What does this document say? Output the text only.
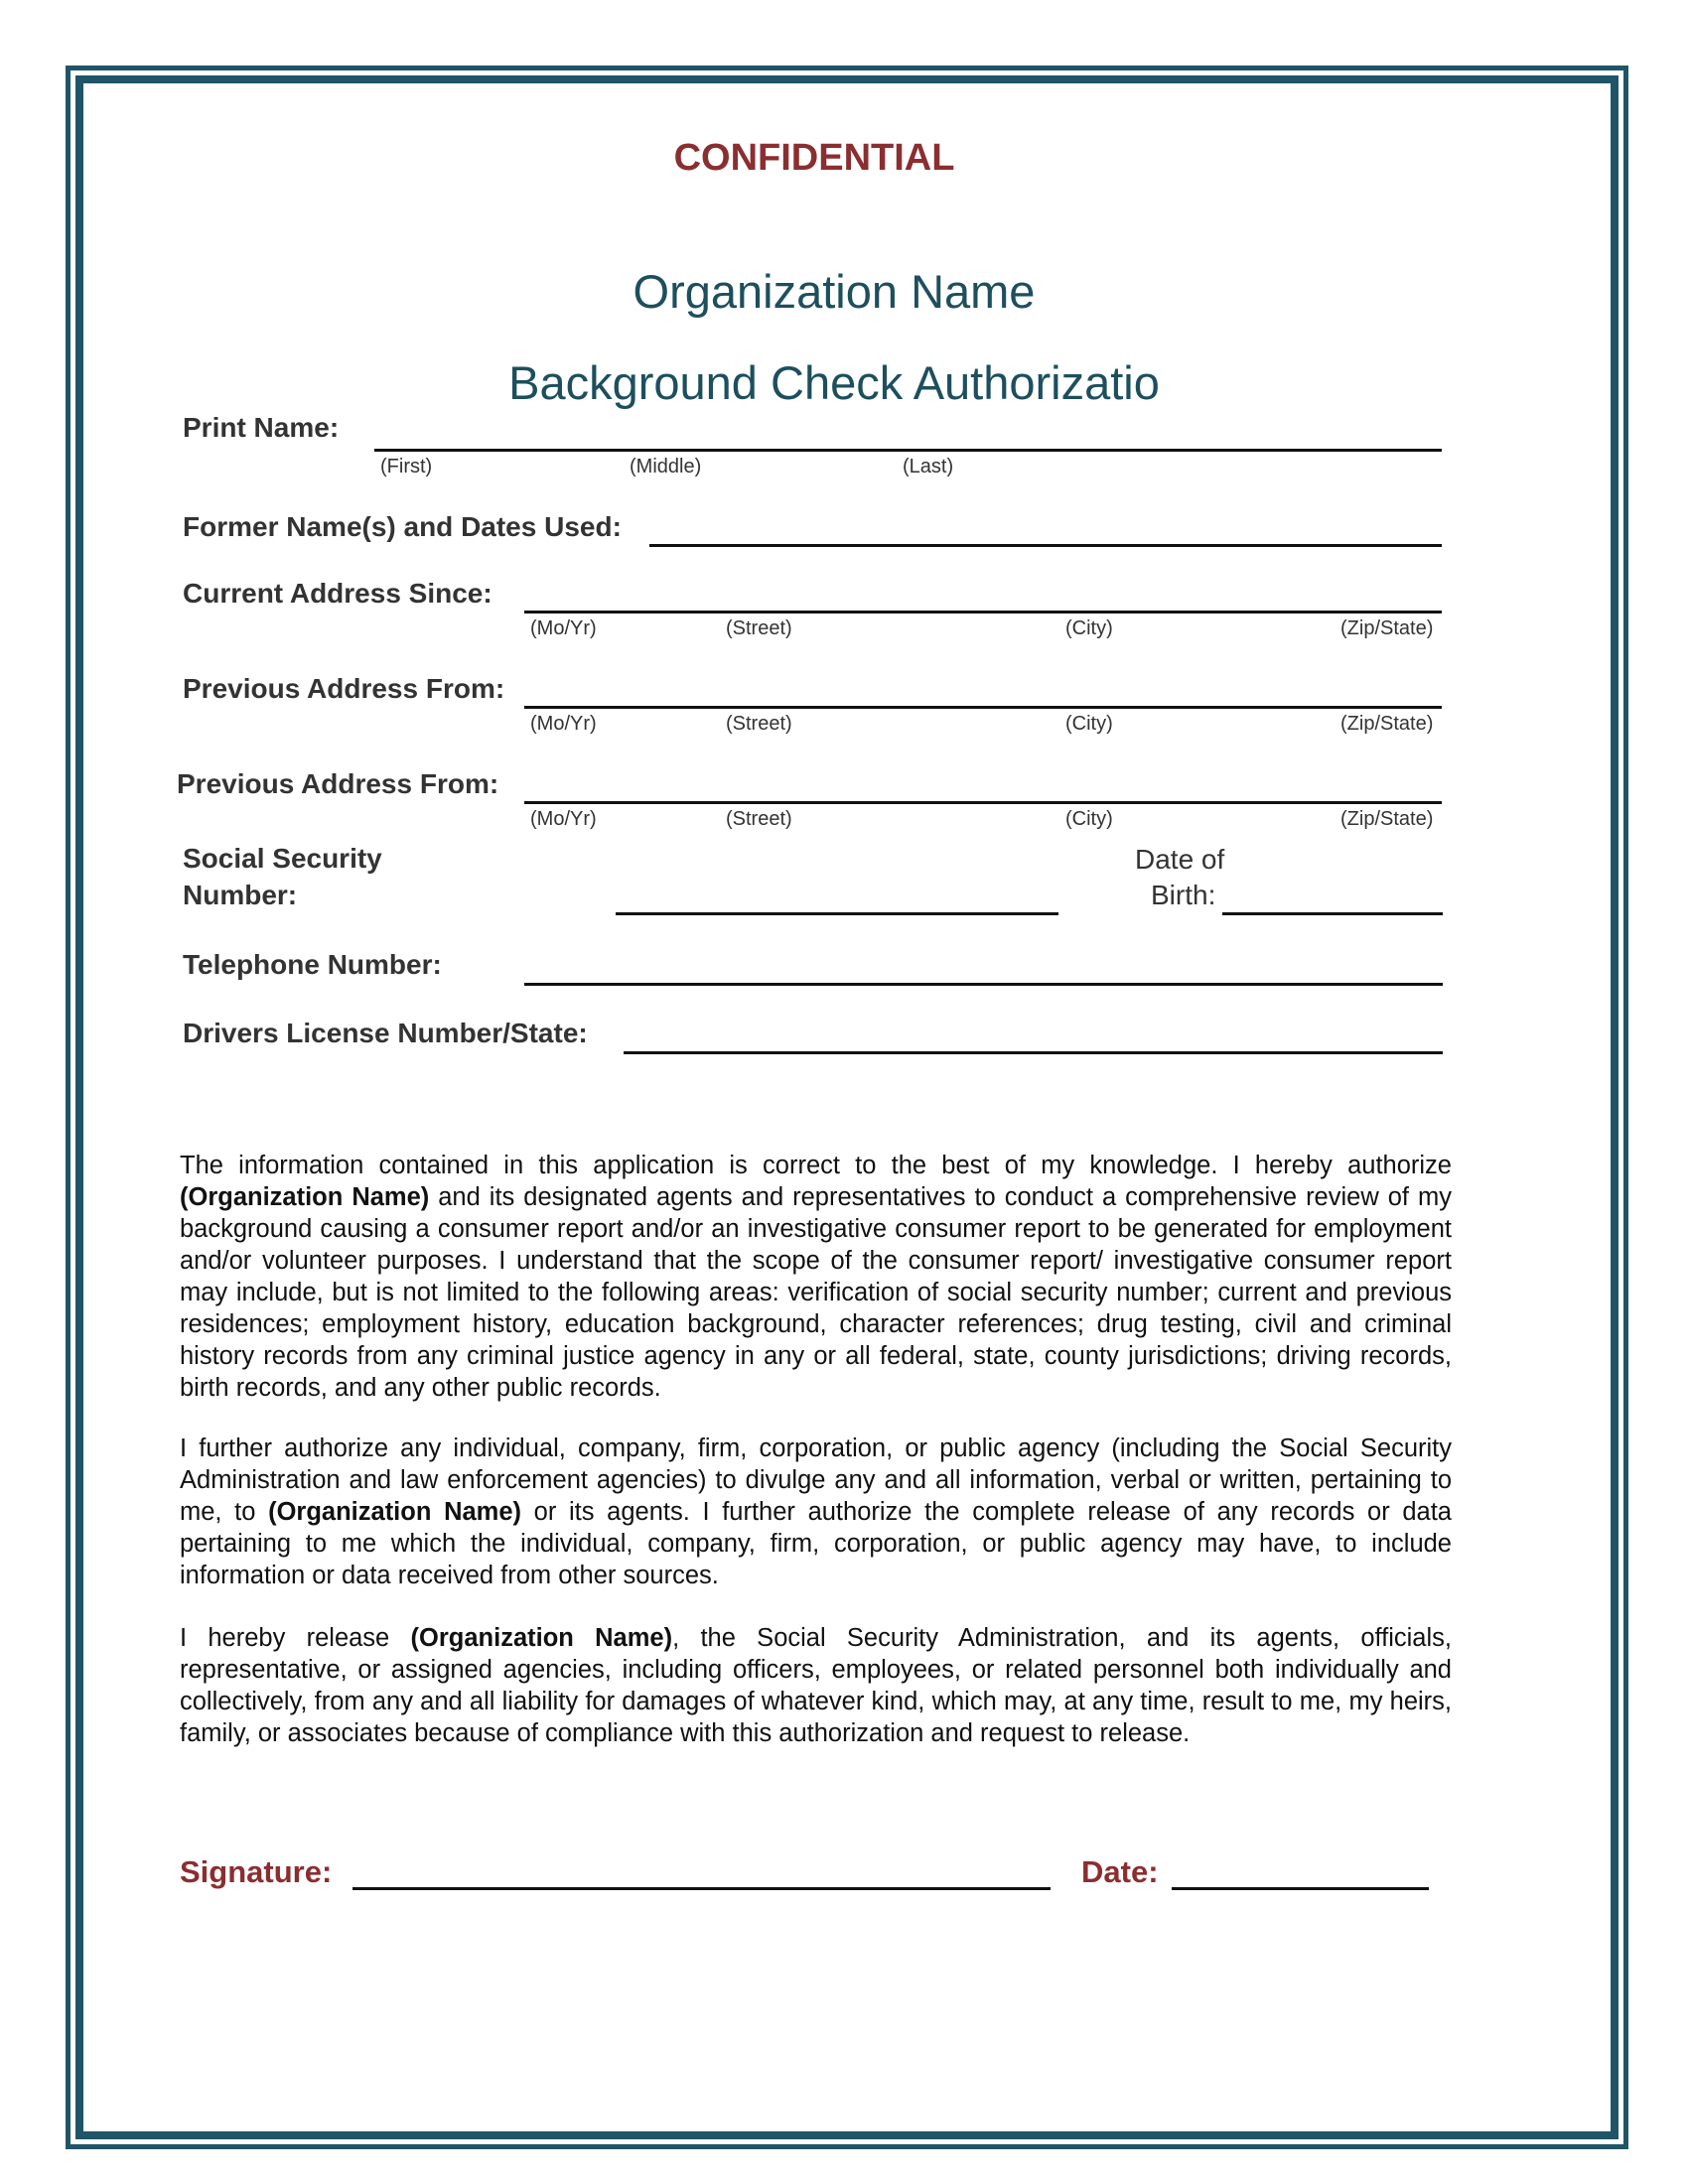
CONFIDENTIAL
Organization Name
Background Check Authorizatio
Print Name:
(First)	(Middle)	(Last)
Former Name(s) and Dates Used:
Current Address Since:
(Mo/Yr)	(Street)	(City)	(Zip/State)
Previous Address From:
(Mo/Yr)	(Street)	(City)	(Zip/State)
Previous Address From:
(Mo/Yr)	(Street)	(City)	(Zip/State)
Social Security
Number:
Date of
Birth:
Telephone Number:
Drivers License Number/State:

The information contained in this application is correct to the best of my knowledge. I hereby authorize (Organization Name) and its designated agents and representatives to conduct a comprehensive review of my background causing a consumer report and/or an investigative consumer report to be generated for employment and/or volunteer purposes. I understand that the scope of the consumer report/ investigative consumer report may include, but is not limited to the following areas: verification of social security number; current and previous residences; employment history, education background, character references; drug testing, civil and criminal history records from any criminal justice agency in any or all federal, state, county jurisdictions; driving records, birth records, and any other public records.

I further authorize any individual, company, firm, corporation, or public agency (including the Social Security Administration and law enforcement agencies) to divulge any and all information, verbal or written, pertaining to me, to (Organization Name) or its agents. I further authorize the complete release of any records or data pertaining to me which the individual, company, firm, corporation, or public agency may have, to include information or data received from other sources.

I hereby release (Organization Name), the Social Security Administration, and its agents, officials, representative, or assigned agencies, including officers, employees, or related personnel both individually and collectively, from any and all liability for damages of whatever kind, which may, at any time, result to me, my heirs, family, or associates because of compliance with this authorization and request to release.

Signature:	Date:
